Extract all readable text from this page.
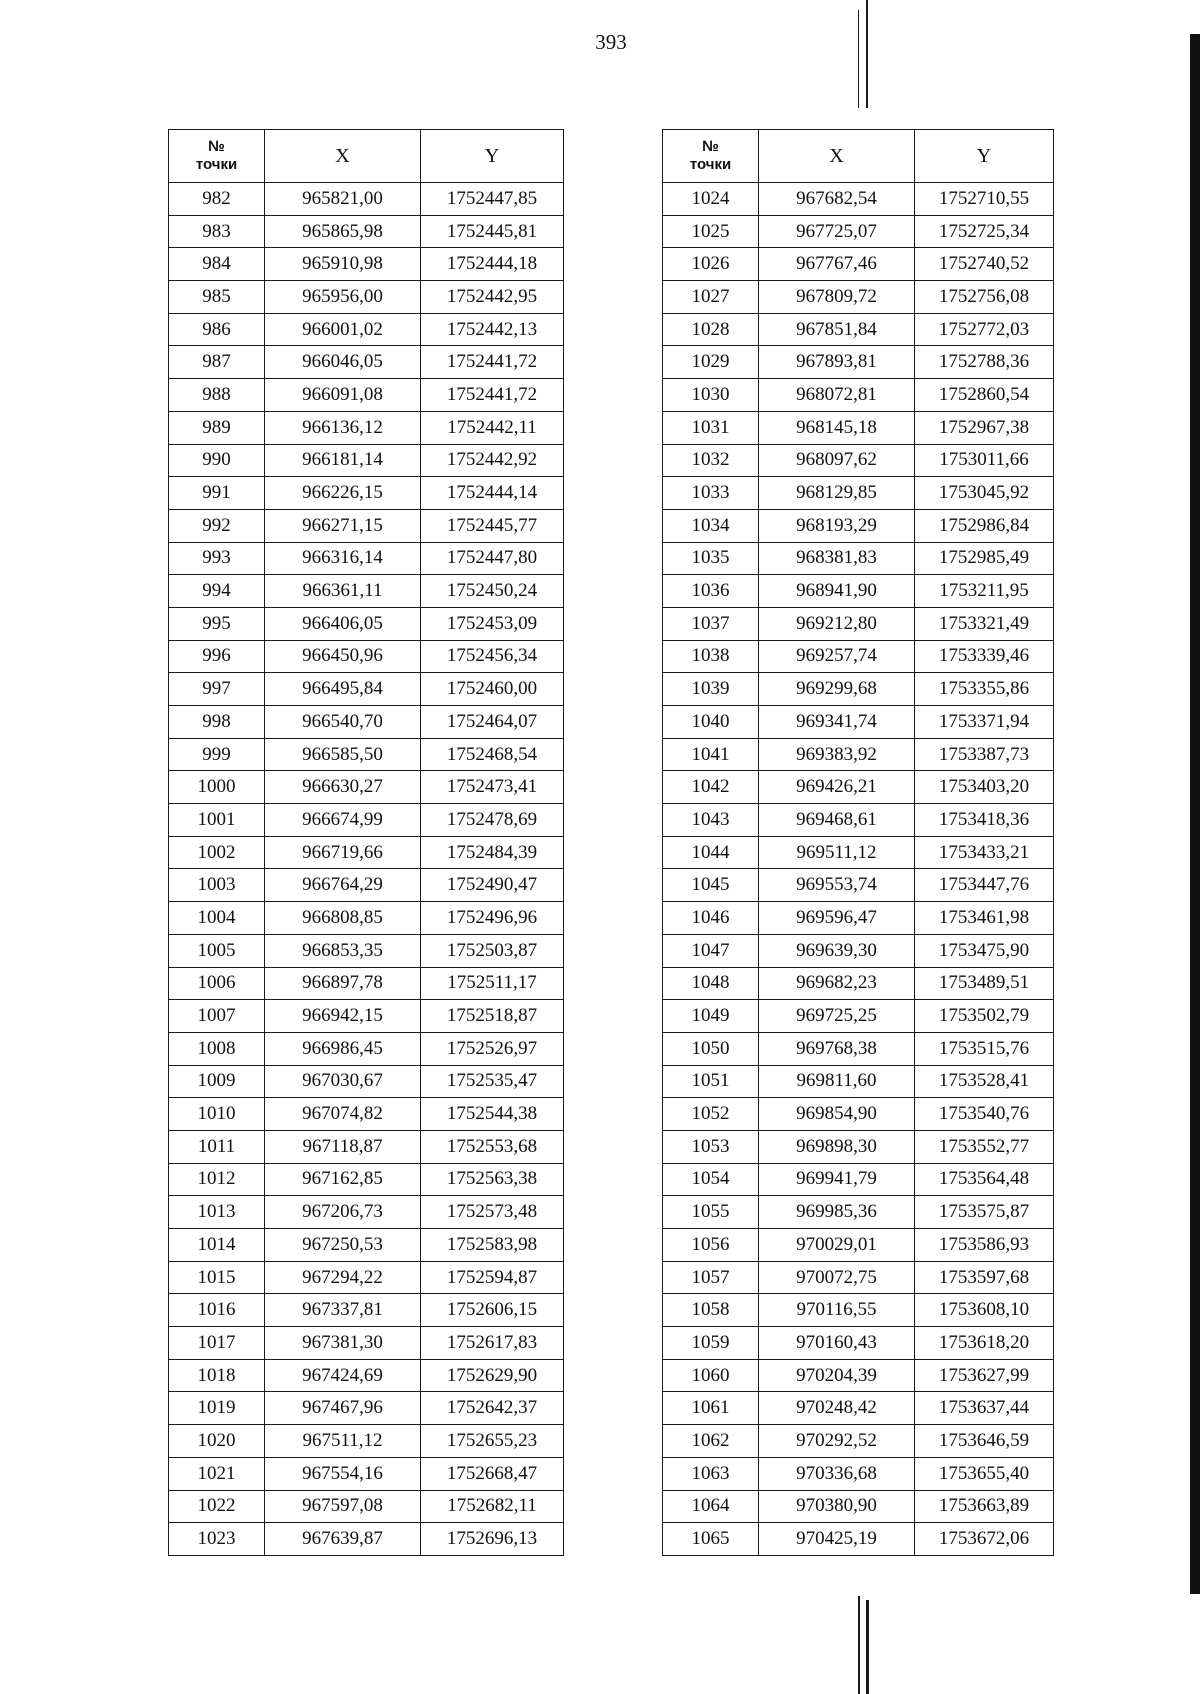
393
№
точки	X	Y
982	965821,00	1752447,85
983	965865,98	1752445,81
984	965910,98	1752444,18
985	965956,00	1752442,95
986	966001,02	1752442,13
987	966046,05	1752441,72
988	966091,08	1752441,72
989	966136,12	1752442,11
990	966181,14	1752442,92
991	966226,15	1752444,14
992	966271,15	1752445,77
993	966316,14	1752447,80
994	966361,11	1752450,24
995	966406,05	1752453,09
996	966450,96	1752456,34
997	966495,84	1752460,00
998	966540,70	1752464,07
999	966585,50	1752468,54
1000	966630,27	1752473,41
1001	966674,99	1752478,69
1002	966719,66	1752484,39
1003	966764,29	1752490,47
1004	966808,85	1752496,96
1005	966853,35	1752503,87
1006	966897,78	1752511,17
1007	966942,15	1752518,87
1008	966986,45	1752526,97
1009	967030,67	1752535,47
1010	967074,82	1752544,38
1011	967118,87	1752553,68
1012	967162,85	1752563,38
1013	967206,73	1752573,48
1014	967250,53	1752583,98
1015	967294,22	1752594,87
1016	967337,81	1752606,15
1017	967381,30	1752617,83
1018	967424,69	1752629,90
1019	967467,96	1752642,37
1020	967511,12	1752655,23
1021	967554,16	1752668,47
1022	967597,08	1752682,11
1023	967639,87	1752696,13
№
точки	X	Y
1024	967682,54	1752710,55
1025	967725,07	1752725,34
1026	967767,46	1752740,52
1027	967809,72	1752756,08
1028	967851,84	1752772,03
1029	967893,81	1752788,36
1030	968072,81	1752860,54
1031	968145,18	1752967,38
1032	968097,62	1753011,66
1033	968129,85	1753045,92
1034	968193,29	1752986,84
1035	968381,83	1752985,49
1036	968941,90	1753211,95
1037	969212,80	1753321,49
1038	969257,74	1753339,46
1039	969299,68	1753355,86
1040	969341,74	1753371,94
1041	969383,92	1753387,73
1042	969426,21	1753403,20
1043	969468,61	1753418,36
1044	969511,12	1753433,21
1045	969553,74	1753447,76
1046	969596,47	1753461,98
1047	969639,30	1753475,90
1048	969682,23	1753489,51
1049	969725,25	1753502,79
1050	969768,38	1753515,76
1051	969811,60	1753528,41
1052	969854,90	1753540,76
1053	969898,30	1753552,77
1054	969941,79	1753564,48
1055	969985,36	1753575,87
1056	970029,01	1753586,93
1057	970072,75	1753597,68
1058	970116,55	1753608,10
1059	970160,43	1753618,20
1060	970204,39	1753627,99
1061	970248,42	1753637,44
1062	970292,52	1753646,59
1063	970336,68	1753655,40
1064	970380,90	1753663,89
1065	970425,19	1753672,06
